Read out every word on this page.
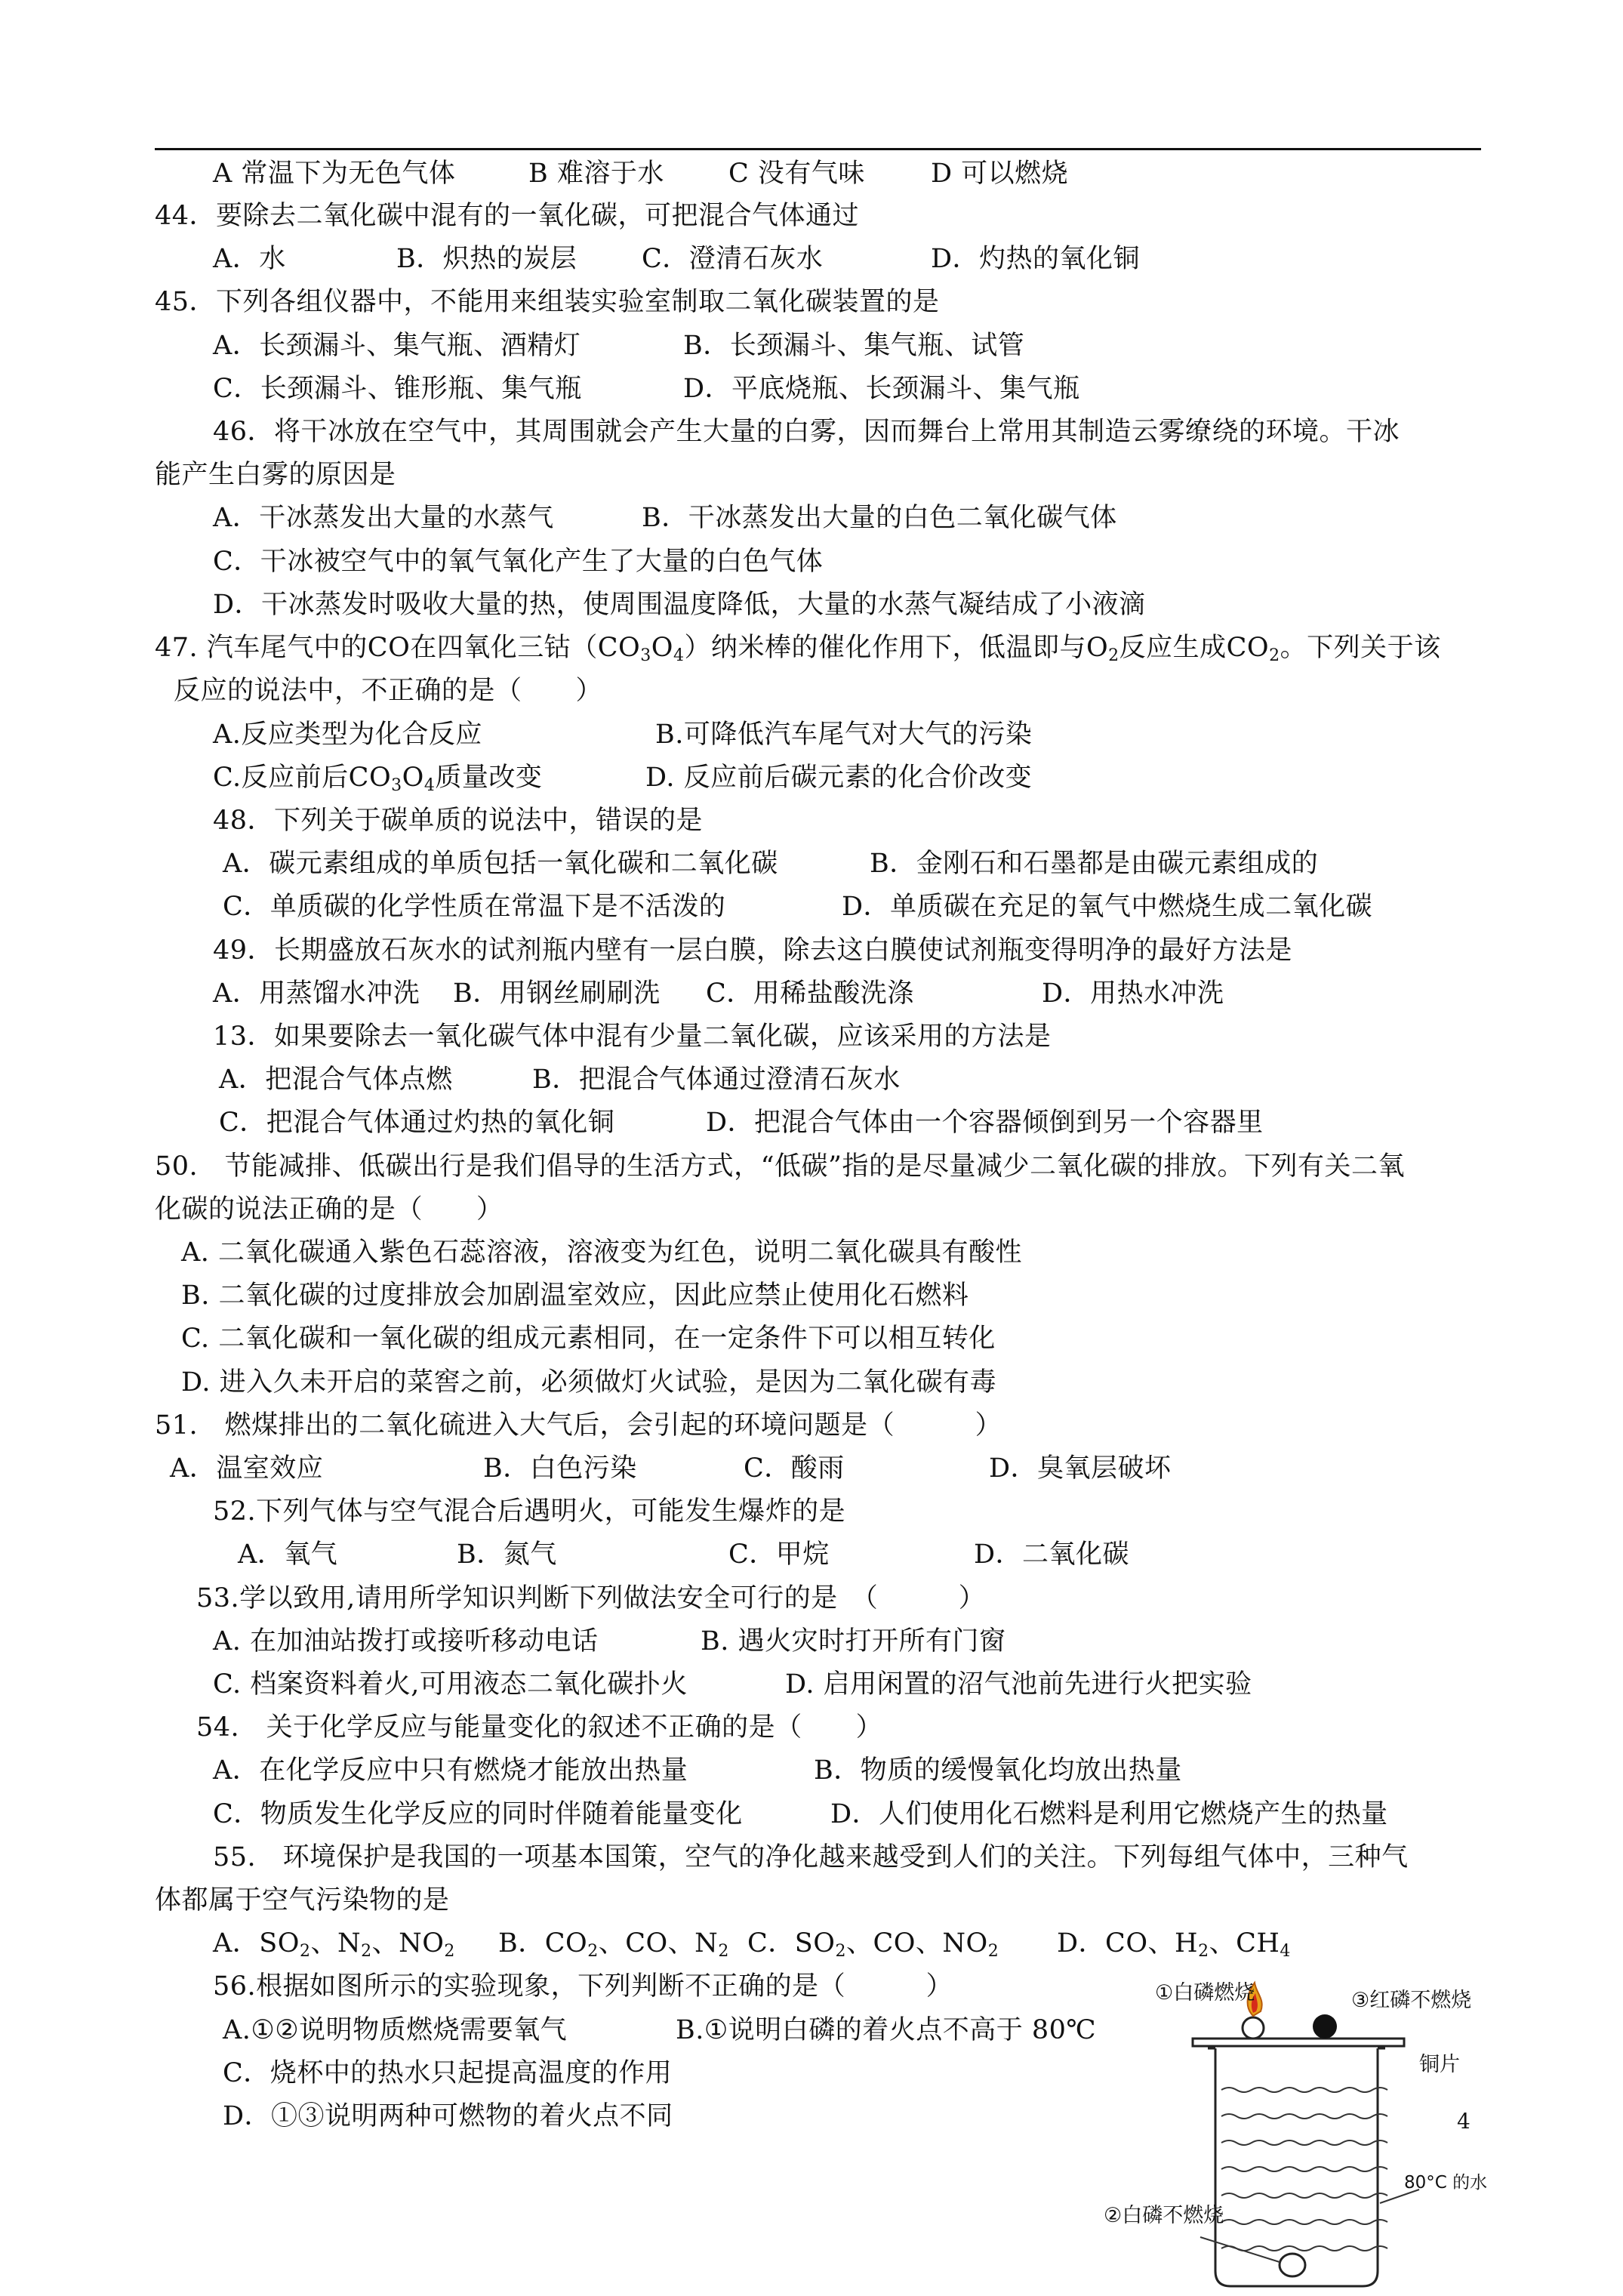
A 常温下为无色气体	B 难溶于水 C 没有气味 D 可以燃烧
44．要除去二氧化碳中混有的一氧化碳，可把混合气体通过
A．水	B．炽热的炭层 C．澄清石灰水	D．灼热的氧化铜
45．下列各组仪器中，不能用来组装实验室制取二氧化碳装置的是
A．长颈漏斗、集气瓶、酒精灯	B．长颈漏斗、集气瓶、试管
C．长颈漏斗、锥形瓶、集气瓶	D．平底烧瓶、长颈漏斗、集气瓶
46．将干冰放在空气中，其周围就会产生大量的白雾，因而舞台上常用其制造云雾缭绕的环境。干冰
能产生白雾的原因是
A．干冰蒸发出大量的水蒸气	B．干冰蒸发出大量的白色二氧化碳气体
C．干冰被空气中的氧气氧化产生了大量的白色气体
D．干冰蒸发时吸收大量的热，使周围温度降低，大量的水蒸气凝结成了小液滴
47. 汽车尾气中的CO在四氧化三钴$(CO_3O_4)$纳米棒的催化作用下，低温即与$O_2$反应生成$CO_2$。下列关于该
反应的说法中，不正确的是（　　）
A.反应类型为化合反应	B.可降低汽车尾气对大气的污染
C.反应前后$CO_3O_4$质量改变	D. 反应前后碳元素的化合价改变
48．下列关于碳单质的说法中，错误的是
A．碳元素组成的单质包括一氧化碳和二氧化碳	B．金刚石和石墨都是由碳元素组成的
C．单质碳的化学性质在常温下是不活泼的	D．单质碳在充足的氧气中燃烧生成二氧化碳
49．长期盛放石灰水的试剂瓶内壁有一层白膜，除去这白膜使试剂瓶变得明净的最好方法是
A．用蒸馏水冲洗 B．用钢丝刷刷洗 C．用稀盐酸洗涤	D．用热水冲洗
13．如果要除去一氧化碳气体中混有少量二氧化碳，应该采用的方法是
A．把混合气体点燃	B．把混合气体通过澄清石灰水
C．把混合气体通过灼热的氧化铜	D．把混合气体由一个容器倾倒到另一个容器里
50.　节能减排、低碳出行是我们倡导的生活方式，“低碳”指的是尽量减少二氧化碳的排放。下列有关二氧
化碳的说法正确的是（　　）
A. 二氧化碳通入紫色石蕊溶液，溶液变为红色，说明二氧化碳具有酸性
B. 二氧化碳的过度排放会加剧温室效应，因此应禁止使用化石燃料
C. 二氧化碳和一氧化碳的组成元素相同，在一定条件下可以相互转化
D. 进入久未开启的菜窖之前，必须做灯火试验，是因为二氧化碳有毒
51.　燃煤排出的二氧化硫进入大气后，会引起的环境问题是（　　　）
A．温室效应	B．白色污染	C．酸雨	D．臭氧层破坏
52.下列气体与空气混合后遇明火，可能发生爆炸的是
A．氧气	B．氮气	C．甲烷	D．二氧化碳
53.学以致用,请用所学知识判断下列做法安全可行的是　（　　　）
A. 在加油站拨打或接听移动电话	B. 遇火灾时打开所有门窗
C. 档案资料着火,可用液态二氧化碳扑火	D. 启用闲置的沼气池前先进行火把实验
54.　关于化学反应与能量变化的叙述不正确的是（　　）
A．在化学反应中只有燃烧才能放出热量	B．物质的缓慢氧化均放出热量
C．物质发生化学反应的同时伴随着能量变化	D．人们使用化石燃料是利用它燃烧产生的热量
55.　环境保护是我国的一项基本国策，空气的净化越来越受到人们的关注。下列每组气体中，三种气
体都属于空气污染物的是
A．$SO_2$、$N_2$、$NO_2$ B．$CO_2$、CO、$N_2$ C．$SO_2$、CO、$NO_2$ D．CO、$H_2$、$CH_4$
56.根据如图所示的实验现象，下列判断不正确的是（　　　）
A.①②说明物质燃烧需要氧气	B.①说明白磷的着火点不高于 80℃
C．烧杯中的热水只起提高温度的作用
D．①③说明两种可燃物的着火点不同
①白磷燃烧	③红磷不燃烧
铜片
②白磷不燃烧
80°C 的水
4
